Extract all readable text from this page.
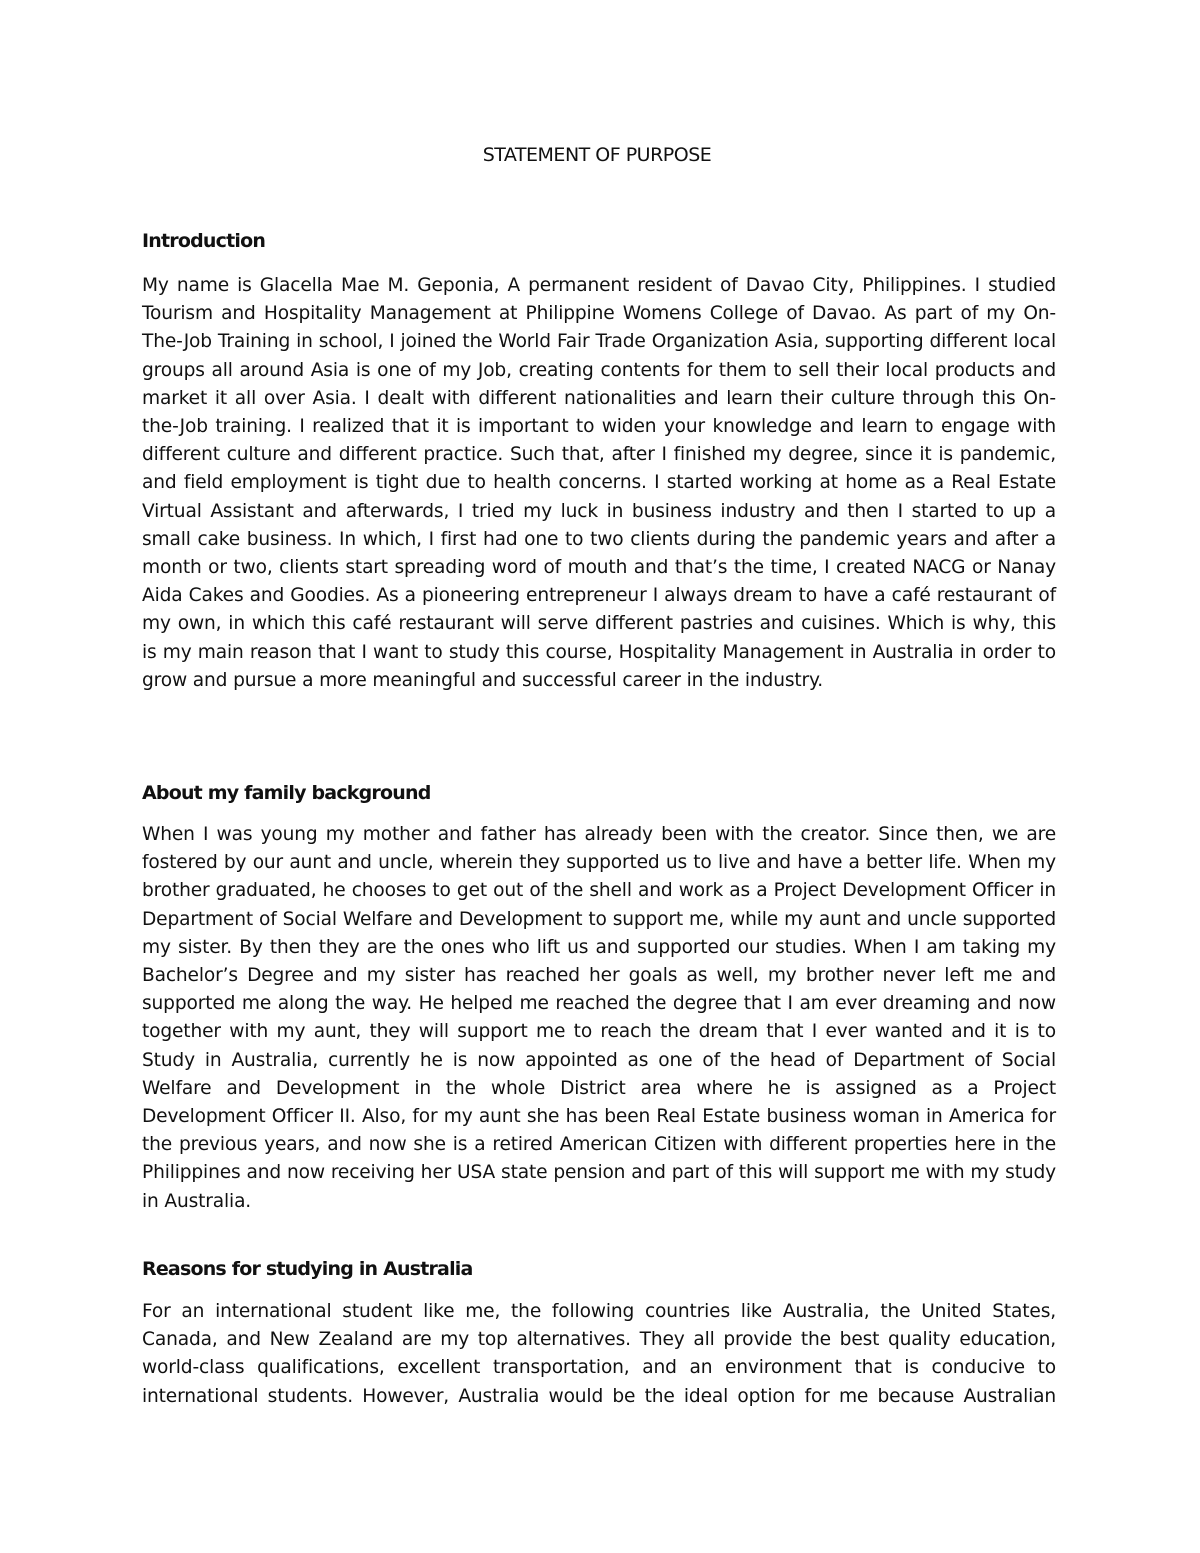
STATEMENT OF PURPOSE
Introduction

My name is Glacella Mae M. Geponia, A permanent resident of Davao City, Philippines. I studied Tourism and Hospitality Management at Philippine Womens College of Davao. As part of my On-The-Job Training in school, I joined the World Fair Trade Organization Asia, supporting different local groups all around Asia is one of my Job, creating contents for them to sell their local products and market it all over Asia. I dealt with different nationalities and learn their culture through this On-the-Job training. I realized that it is important to widen your knowledge and learn to engage with different culture and different practice. Such that, after I finished my degree, since it is pandemic, and field employment is tight due to health concerns. I started working at home as a Real Estate Virtual Assistant and afterwards, I tried my luck in business industry and then I started to up a small cake business. In which, I first had one to two clients during the pandemic years and after a month or two, clients start spreading word of mouth and that’s the time, I created NACG or Nanay Aida Cakes and Goodies. As a pioneering entrepreneur I always dream to have a café restaurant of my own, in which this café restaurant will serve different pastries and cuisines. Which is why, this is my main reason that I want to study this course, Hospitality Management in Australia in order to grow and pursue a more meaningful and successful career in the industry.

About my family background

When I was young my mother and father has already been with the creator. Since then, we are fostered by our aunt and uncle, wherein they supported us to live and have a better life. When my brother graduated, he chooses to get out of the shell and work as a Project Development Officer in Department of Social Welfare and Development to support me, while my aunt and uncle supported my sister. By then they are the ones who lift us and supported our studies. When I am taking my Bachelor’s Degree and my sister has reached her goals as well, my brother never left me and supported me along the way. He helped me reached the degree that I am ever dreaming and now together with my aunt, they will support me to reach the dream that I ever wanted and it is to Study in Australia, currently he is now appointed as one of the head of Department of Social Welfare and Development in the whole District area where he is assigned as a Project Development Officer II. Also, for my aunt she has been Real Estate business woman in America for the previous years, and now she is a retired American Citizen with different properties here in the Philippines and now receiving her USA state pension and part of this will support me with my study in Australia.

Reasons for studying in Australia

For an international student like me, the following countries like Australia, the United States, Canada, and New Zealand are my top alternatives. They all provide the best quality education, world-class qualifications, excellent transportation, and an environment that is conducive to international students. However, Australia would be the ideal option for me because Australian
